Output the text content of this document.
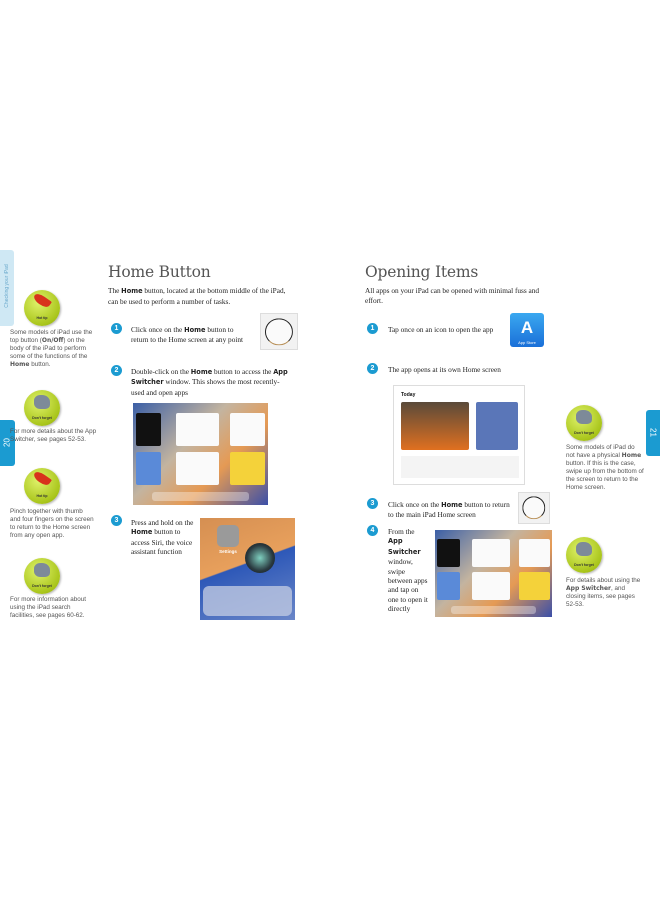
Checking your iPad
20
Hot tip
Some models of iPad use the top button (On/Off) on the body of the iPad to perform some of the functions of the Home button.
Don't forget
For more details about the App Switcher, see pages 52-53.
Hot tip
Pinch together with thumb and four fingers on the screen to return to the Home screen from any open app.
Don't forget
For more information about using the iPad search facilities, see pages 60-62.
Home Button
The Home button, located at the bottom middle of the iPad, can be used to perform a number of tasks.
1	Click once on the Home button to return to the Home screen at any point
2	Double-click on the Home button to access the App Switcher window. This shows the most recently-used and open apps
3	Press and hold on the Home button to access Siri, the voice assistant function	Settings
Opening Items
All apps on your iPad can be opened with minimal fuss and effort.
1	Tap once on an icon to open the app	A
App Store
2	The app opens at its own Home screen
Today
3	Click once on the Home button to return to the main iPad Home screen
4	From the App Switcher window, swipe between apps and tap on one to open it directly
Don't forget
Some models of iPad do not have a physical Home button. If this is the case, swipe up from the bottom of the screen to return to the Home screen.
Don't forget
For details about using the App Switcher, and closing items, see pages 52-53.
21
